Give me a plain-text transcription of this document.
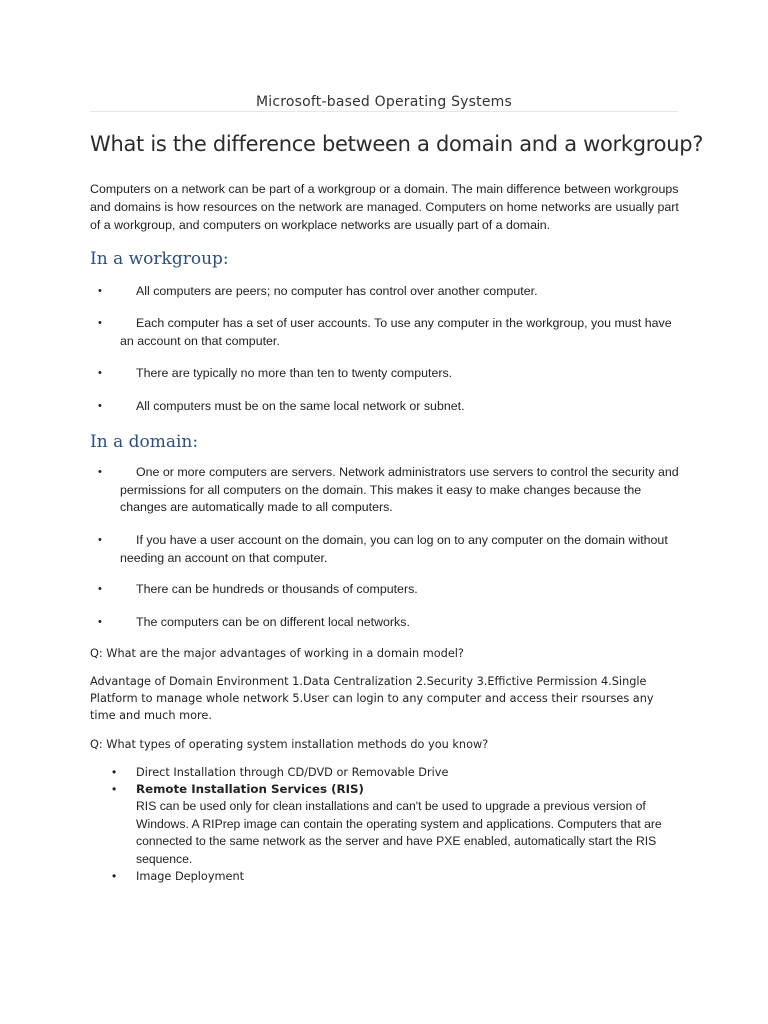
Microsoft-based Operating Systems
What is the difference between a domain and a workgroup?
Computers on a network can be part of a workgroup or a domain. The main difference between workgroups and domains is how resources on the network are managed. Computers on home networks are usually part of a workgroup, and computers on workplace networks are usually part of a domain.
In a workgroup:
•	All computers are peers; no computer has control over another computer.
•	Each computer has a set of user accounts. To use any computer in the workgroup, you must have an account on that computer.
•	There are typically no more than ten to twenty computers.
•	All computers must be on the same local network or subnet.
In a domain:
•	One or more computers are servers. Network administrators use servers to control the security and permissions for all computers on the domain. This makes it easy to make changes because the changes are automatically made to all computers.
•	If you have a user account on the domain, you can log on to any computer on the domain without needing an account on that computer.
•	There can be hundreds or thousands of computers.
•	The computers can be on different local networks.
Q: What are the major advantages of working in a domain model?
Advantage of Domain Environment 1.Data Centralization 2.Security 3.Effictive Permission 4.Single Platform to manage whole network 5.User can login to any computer and access their rsourses any time and much more.
Q: What types of operating system installation methods do you know?
• Direct Installation through CD/DVD or Removable Drive
• Remote Installation Services (RIS)
RIS can be used only for clean installations and can't be used to upgrade a previous version of Windows. A RIPrep image can contain the operating system and applications. Computers that are connected to the same network as the server and have PXE enabled, automatically start the RIS sequence.
• Image Deployment
